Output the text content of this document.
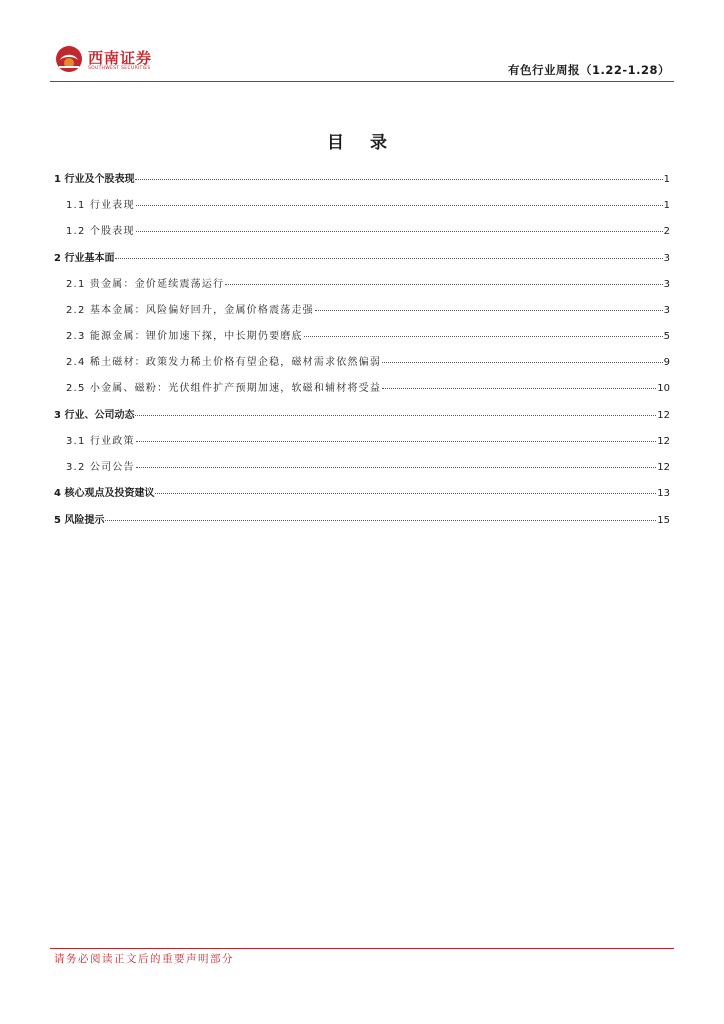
西南证券
SOUTHWEST SECURITIES	有色行业周报（1.22-1.28）
目 录
1 行业及个股表现	1
1.1 行业表现	1
1.2 个股表现	2
2 行业基本面	3
2.1 贵金属：金价延续震荡运行	3
2.2 基本金属：风险偏好回升，金属价格震荡走强	3
2.3 能源金属：锂价加速下探，中长期仍要磨底	5
2.4 稀土磁材：政策发力稀土价格有望企稳，磁材需求依然偏弱	9
2.5 小金属、磁粉：光伏组件扩产预期加速，软磁和辅材将受益	10
3 行业、公司动态	12
3.1 行业政策	12
3.2 公司公告	12
4 核心观点及投资建议	13
5 风险提示	15
请务必阅读正文后的重要声明部分
